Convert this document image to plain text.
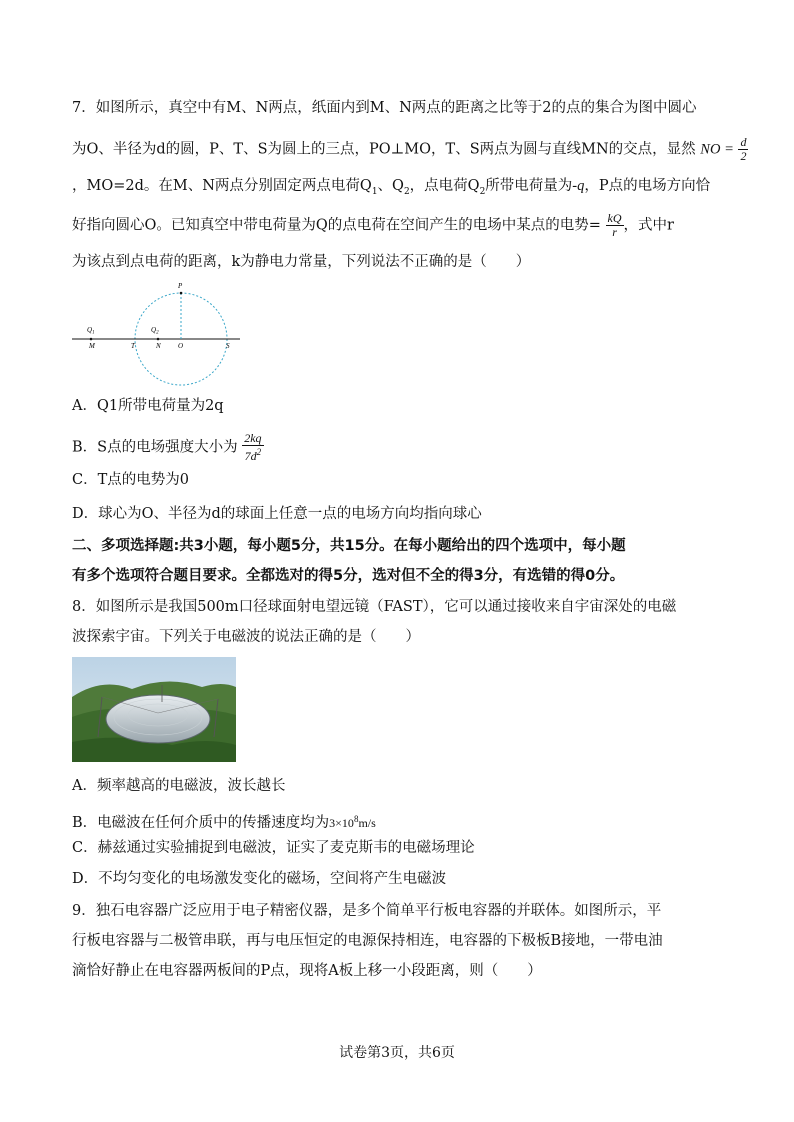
7．如图所示，真空中有M、N两点，纸面内到M、N两点的距离之比等于2的点的集合为图中圆心
为O、半径为d的圆，P、T、S为圆上的三点，PO⊥MO，T、S两点为圆与直线MN的交点，显然 NO = $\frac{d}{2}$
，MO=2d。在M、N两点分别固定两点电荷$Q_1$、$Q_2$，点电荷$Q_2$所带电荷量为-q，P点的电场方向恰
好指向圆心O。已知真空中带电荷量为Q的点电荷在空间产生的电场中某点的电势= $\frac{kQ}{r}$ ，式中r
为该点到点电荷的距离，k为静电力常量，下列说法不正确的是（　　）
P
$Q_1$
M	T
$Q_2$
N O	S
A．Q1所带电荷量为2q
B．S点的电场强度大小为 $\frac{2kq}{7d^2}$
C．T点的电势为0
D．球心为O、半径为d的球面上任意一点的电场方向均指向球心
二、多项选择题:共3小题，每小题5分，共15分。在每小题给出的四个选项中，每小题
有多个选项符合题目要求。全都选对的得5分，选对但不全的得3分，有选错的得0分。
8．如图所示是我国500m口径球面射电望远镜（FAST），它可以通过接收来自宇宙深处的电磁
波探索宇宙。下列关于电磁波的说法正确的是（　　）
A．频率越高的电磁波，波长越长
B．电磁波在任何介质中的传播速度均为$3\times 10^8m/s$
C．赫兹通过实验捕捉到电磁波，证实了麦克斯韦的电磁场理论
D．不均匀变化的电场激发变化的磁场，空间将产生电磁波
9．独石电容器广泛应用于电子精密仪器，是多个简单平行板电容器的并联体。如图所示，平
行板电容器与二极管串联，再与电压恒定的电源保持相连，电容器的下极板B接地，一带电油
滴恰好静止在电容器两板间的P点，现将A板上移一小段距离，则（　　）
试卷第3页，共6页
